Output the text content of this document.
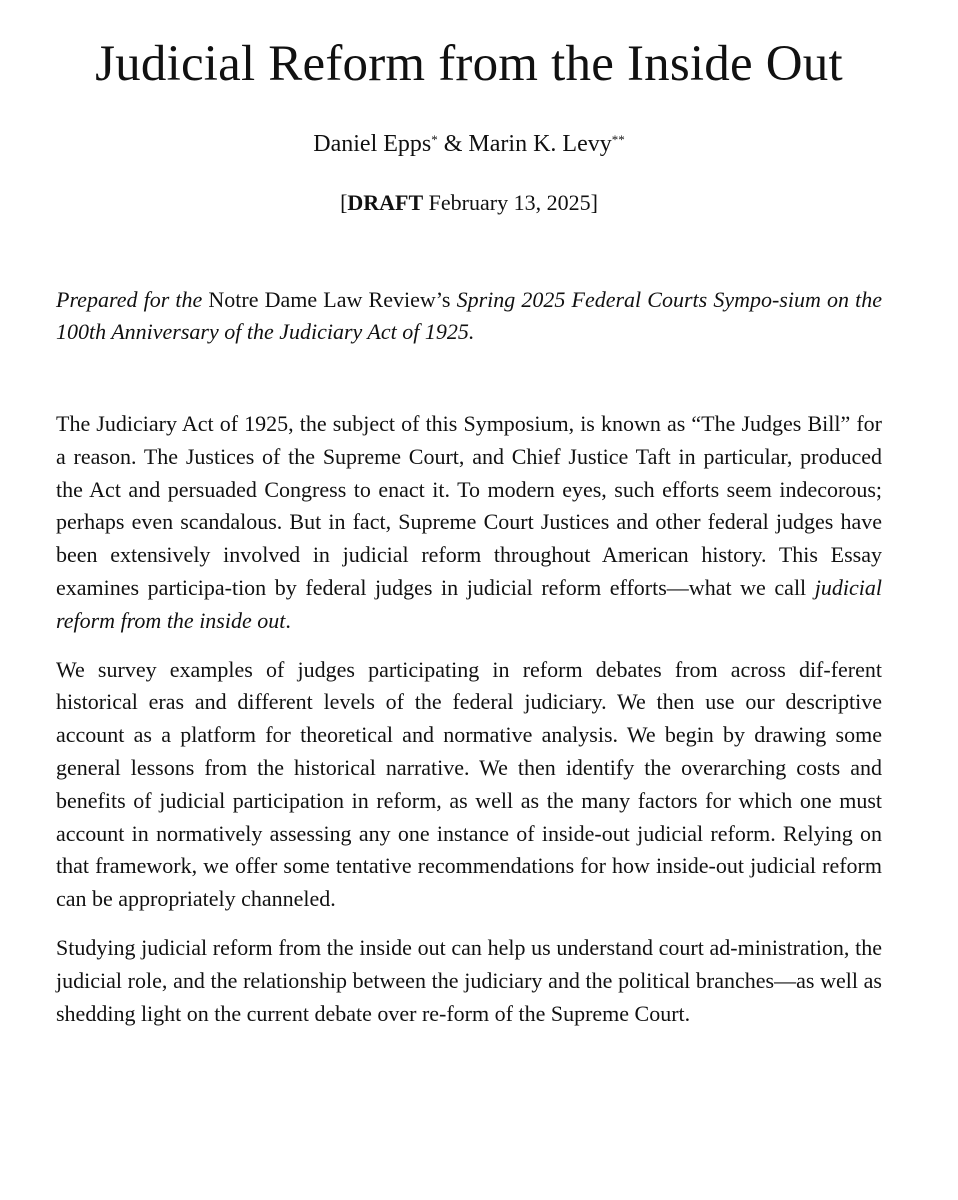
Judicial Reform from the Inside Out
Daniel Epps* & Marin K. Levy**
[DRAFT February 13, 2025]

Prepared for the Notre Dame Law Review’s Spring 2025 Federal Courts Sympo-sium on the 100th Anniversary of the Judiciary Act of 1925.

The Judiciary Act of 1925, the subject of this Symposium, is known as “The Judges Bill” for a reason. The Justices of the Supreme Court, and Chief Justice Taft in particular, produced the Act and persuaded Congress to enact it. To modern eyes, such efforts seem indecorous; perhaps even scandalous. But in fact, Supreme Court Justices and other federal judges have been extensively involved in judicial reform throughout American history. This Essay examines participa-tion by federal judges in judicial reform efforts—what we call judicial reform from the inside out.

We survey examples of judges participating in reform debates from across dif-ferent historical eras and different levels of the federal judiciary. We then use our descriptive account as a platform for theoretical and normative analysis. We begin by drawing some general lessons from the historical narrative. We then identify the overarching costs and benefits of judicial participation in reform, as well as the many factors for which one must account in normatively assessing any one instance of inside-out judicial reform. Relying on that framework, we offer some tentative recommendations for how inside-out judicial reform can be appropriately channeled.

Studying judicial reform from the inside out can help us understand court ad-ministration, the judicial role, and the relationship between the judiciary and the political branches—as well as shedding light on the current debate over re-form of the Supreme Court.
